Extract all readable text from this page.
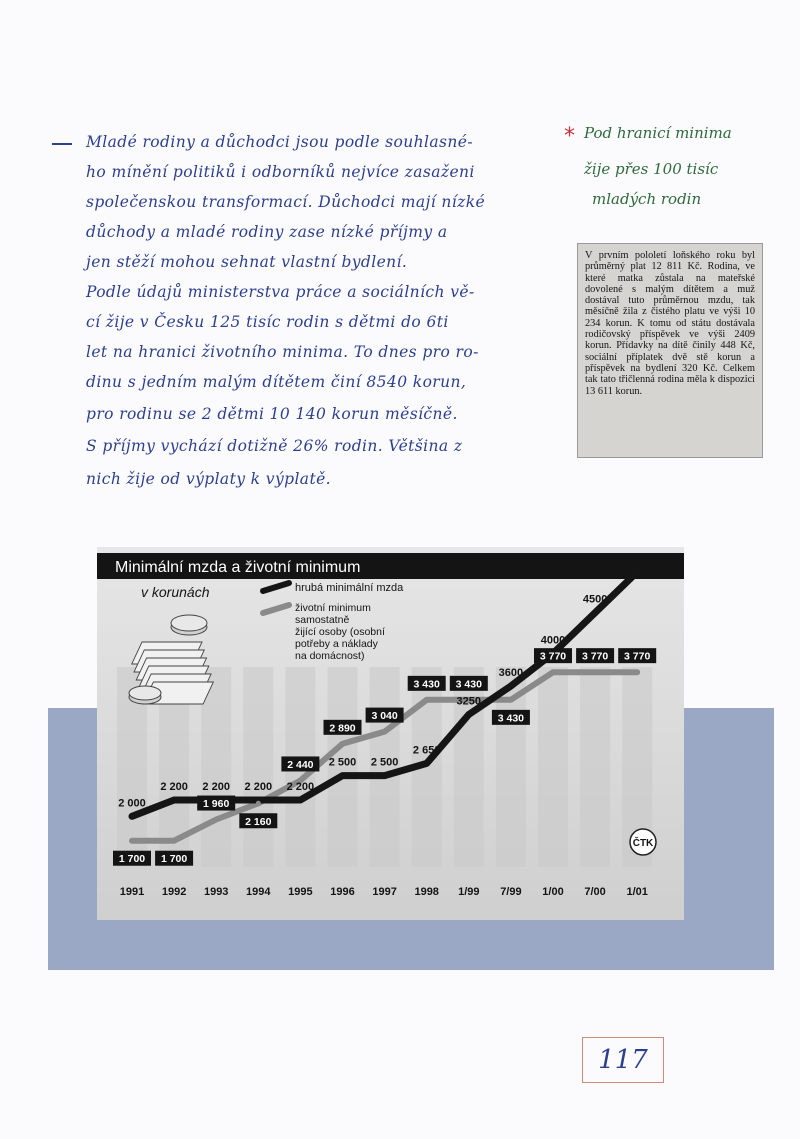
Mladé rodiny a důchodci jsou podle souhlasné-
ho mínění politiků i odborníků nejvíce zasaženi
společenskou transformací. Důchodci mají nízké
důchody a mladé rodiny zase nízké příjmy a
jen stěží mohou sehnat vlastní bydlení.
Podle údajů ministerstva práce a sociálních vě-
cí žije v Česku 125 tisíc rodin s dětmi do 6ti
let na hranici životního minima. To dnes pro ro-
dinu s jedním malým dítětem činí 8540 korun,
pro rodinu se 2 dětmi 10 140 korun měsíčně.
S příjmy vychází dotižně 26% rodin. Většina z
nich žije od výplaty k výplatě.
* Pod hranicí minima
žije přes 100 tisíc
mladých rodin
V prvním pololetí loňského roku byl průměrný plat 12 811 Kč. Rodina, ve které matka zůstala na mateřské dovolené s malým dítětem a muž dostával tuto průměrnou mzdu, tak měsíčně žila z čistého platu ve výši 10 234 korun. K tomu od státu dostávala rodičovský příspěvek ve výši 2409 korun. Přídavky na dítě činily 448 Kč, sociální příplatek dvě stě korun a příspěvek na bydlení 320 Kč. Celkem tak tato třičlenná rodina měla k dispozici 13 611 korun.
Minimální mzda a životní minimum
v korunách	hrubá minimální mzda
životní minimum
samostatně
žijící osoby (osobní
potřeby a náklady
na domácnost)
2 000
2 200 2 200 2 200 2 200
2 500 2 500
2 650
3250
3600
4000
4500
5000
1 700 1 700
1 960
2 160
2 440
2 890
3 040
3 430 3 430
3 430
3 770 3 770 3 770
1991 1992 1993 1994 1995 1996 1997 1998 1/99 7/99 1/00 7/00 1/01
ČTK
117
